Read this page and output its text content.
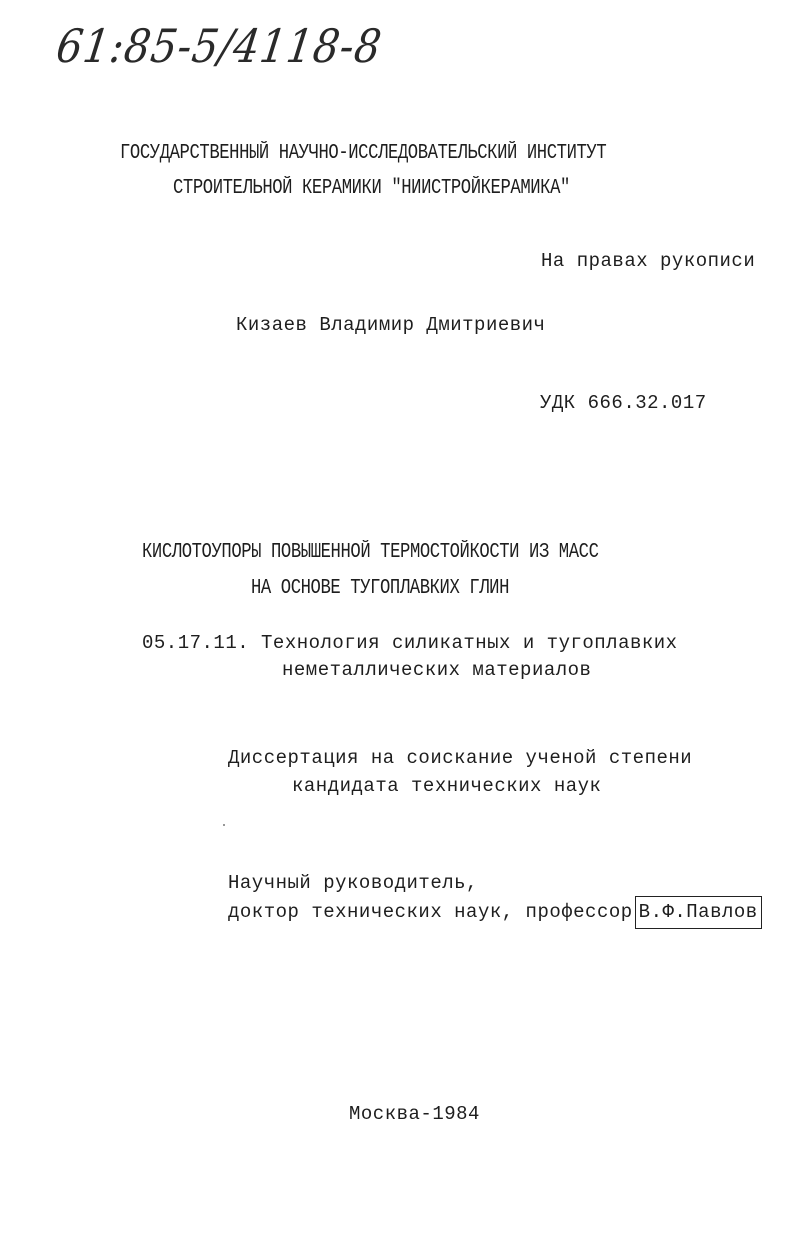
61:85-5/4118-8
ГОСУДАРСТВЕННЫЙ НАУЧНО-ИССЛЕДОВАТЕЛЬСКИЙ ИНСТИТУТ
СТРОИТЕЛЬНОЙ КЕРАМИКИ "НИИСТРОЙКЕРАМИКА"
На правах рукописи
Кизаев Владимир Дмитриевич
УДК 666.32.017
КИСЛОТОУПОРЫ ПОВЫШЕННОЙ ТЕРМОСТОЙКОСТИ ИЗ МАСС
НА ОСНОВЕ ТУГОПЛАВКИХ ГЛИН
05.17.11. Технология силикатных и тугоплавких
неметаллических материалов
Диссертация на соискание ученой степени
кандидата технических наук
Научный руководитель,
доктор технических наук, профессор В.Ф.Павлов
Москва-1984
